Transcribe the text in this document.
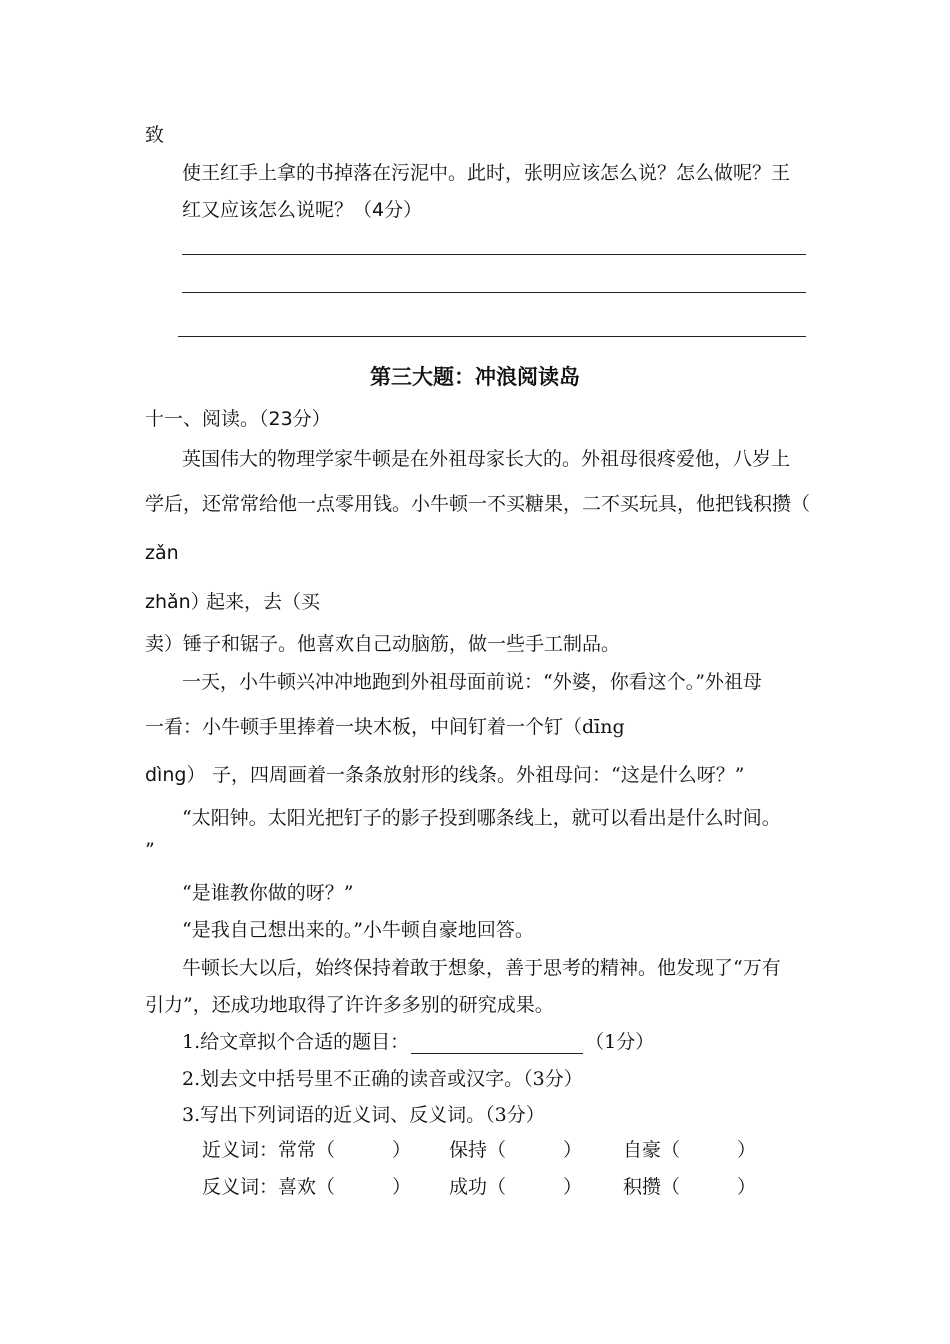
致
使王红手上拿的书掉落在污泥中。此时，张明应该怎么说？怎么做呢？王
红又应该怎么说呢？（4分）
第三大题：冲浪阅读岛
十一、阅读。（23分）
英国伟大的物理学家牛顿是在外祖母家长大的。外祖母很疼爱他，八岁上
学后，还常常给他一点零用钱。小牛顿一不买糖果，二不买玩具，他把钱积攒（
zǎn
zhǎn）
起来，去（买
卖）锤子和锯子。他喜欢自己动脑筋，做一些手工制品。
一天，小牛顿兴冲冲地跑到外祖母面前说：“外婆，你看这个。”外祖母
一看：小牛顿手里捧着一块木板，中间钉着一个钉（dīng
dìng） 子，四周画着一条条放射形的线条。外祖母问：“这是什么呀？”
“太阳钟。太阳光把钉子的影子投到哪条线上，就可以看出是什么时间。
”
“是谁教你做的呀？”
“是我自己想出来的。”小牛顿自豪地回答。
牛顿长大以后，始终保持着敢于想象，善于思考的精神。他发现了“万有
引力”，还成功地取得了许许多多别的研究成果。
1.给文章拟个合适的题目：	（1分）
2.划去文中括号里不正确的读音或汉字。（3分）
3.写出下列词语的近义词、反义词。（3分）
近义词： 常常（　　　） 保持（　　　） 自豪（　　　）
反义词： 喜欢（　　　） 成功（　　　） 积攒（　　　）
